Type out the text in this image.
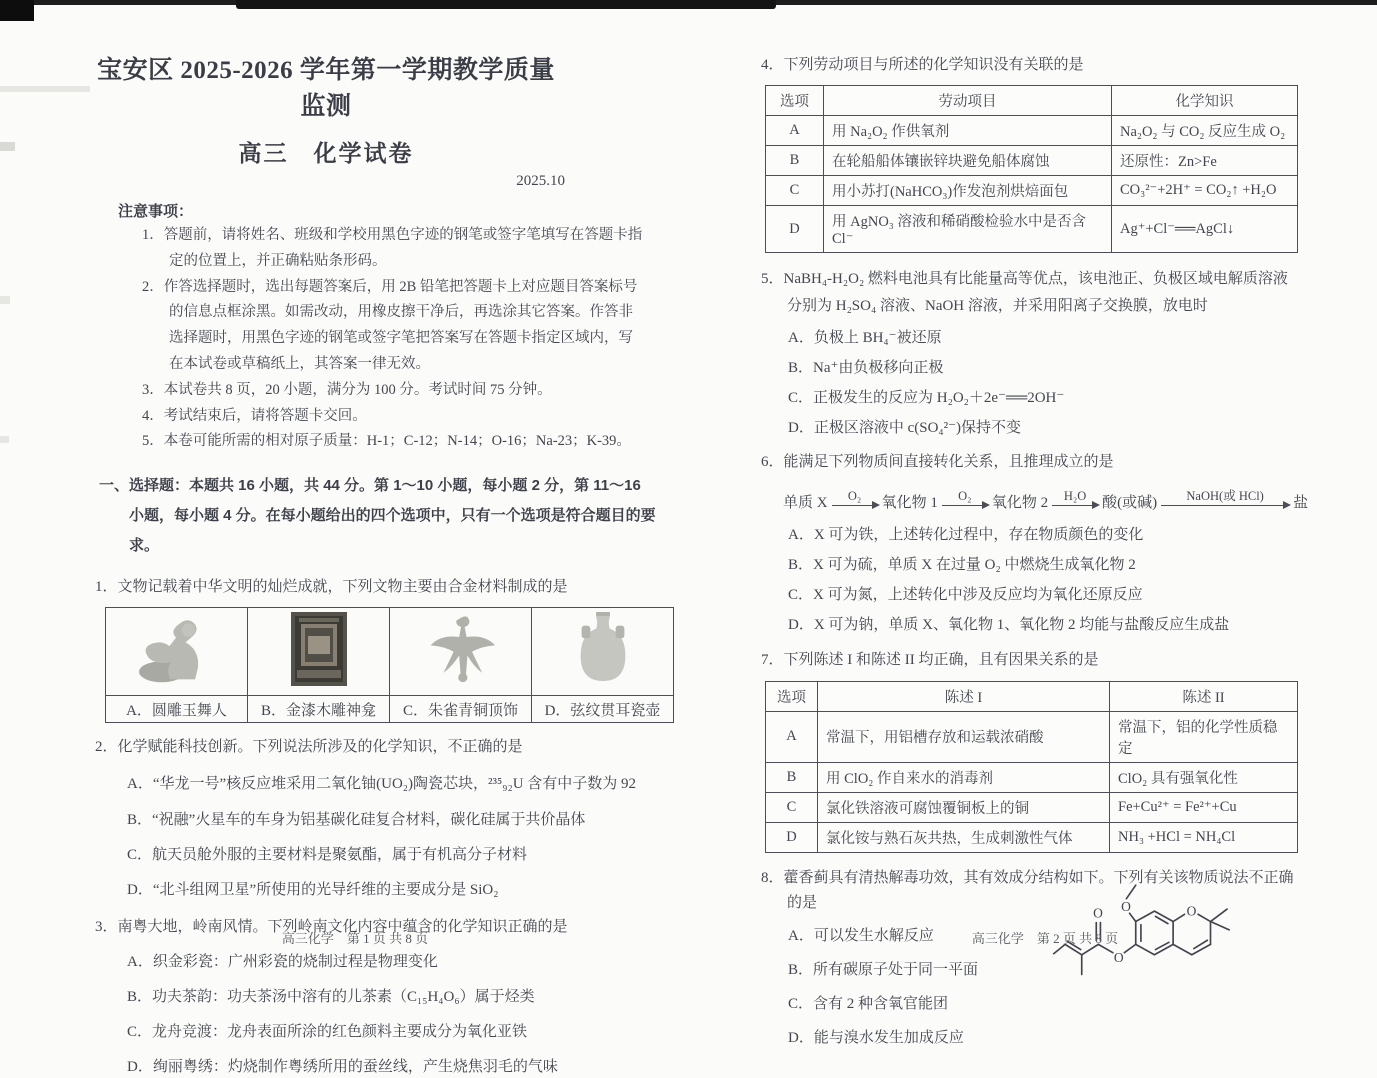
宝安区 2025-2026 学年第一学期教学质量监测
高三　化学试卷
2025.10
注意事项：
1．答题前，请将姓名、班级和学校用黑色字迹的钢笔或签字笔填写在答题卡指定的位置上，并正确粘贴条形码。
2．作答选择题时，选出每题答案后，用 2B 铅笔把答题卡上对应题目答案标号的信息点框涂黑。如需改动，用橡皮擦干净后，再选涂其它答案。作答非选择题时，用黑色字迹的钢笔或签字笔把答案写在答题卡指定区域内，写在本试卷或草稿纸上，其答案一律无效。
3．本试卷共 8 页，20 小题，满分为 100 分。考试时间 75 分钟。
4．考试结束后，请将答题卡交回。
5．本卷可能所需的相对原子质量：H-1；C-12；N-14；O-16；Na-23；K-39。
一、选择题：本题共 16 小题，共 44 分。第 1～10 小题，每小题 2 分，第 11～16 小题，每小题 4 分。在每小题给出的四个选项中，只有一个选项是符合题目的要求。
1．文物记载着中华文明的灿烂成就，下列文物主要由合金材料制成的是

A．圆雕玉舞人	B．金漆木雕神龛	C．朱雀青铜顶饰	D．弦纹贯耳瓷壶
2．化学赋能科技创新。下列说法所涉及的化学知识，不正确的是
A．“华龙一号”核反应堆采用二氧化铀(UO₂)陶瓷芯块，²³⁵₉₂U 含有中子数为 92
B．“祝融”火星车的车身为铝基碳化硅复合材料，碳化硅属于共价晶体
C．航天员舱外服的主要材料是聚氨酯，属于有机高分子材料
D．“北斗组网卫星”所使用的光导纤维的主要成分是 SiO₂
3．南粤大地，岭南风情。下列岭南文化内容中蕴含的化学知识正确的是
A．织金彩瓷：广州彩瓷的烧制过程是物理变化
B．功夫茶韵：功夫茶汤中溶有的儿茶素（C₁₅H₄O₆）属于烃类
C．龙舟竞渡：龙舟表面所涂的红色颜料主要成分为氧化亚铁
D．绚丽粤绣：灼烧制作粤绣所用的蚕丝线，产生烧焦羽毛的气味
4．下列劳动项目与所述的化学知识没有关联的是
选项	劳动项目	化学知识
A	用 Na₂O₂ 作供氧剂	Na₂O₂ 与 CO₂ 反应生成 O₂
B	在轮船船体镶嵌锌块避免船体腐蚀	还原性：Zn>Fe
C	用小苏打(NaHCO₃)作发泡剂烘焙面包	CO₃²⁻+2H⁺ = CO₂↑ +H₂O
D	用 AgNO₃ 溶液和稀硝酸检验水中是否含 Cl⁻	Ag⁺+Cl⁻══AgCl↓
5．NaBH₄-H₂O₂ 燃料电池具有比能量高等优点，该电池正、负极区域电解质溶液分别为 H₂SO₄ 溶液、NaOH 溶液，并采用阳离子交换膜，放电时
A．负极上 BH₄⁻被还原
B．Na⁺由负极移向正极
C．正极发生的反应为 H₂O₂＋2e⁻══2OH⁻
D．正极区溶液中 c(SO₄²⁻)保持不变
6．能满足下列物质间直接转化关系，且推理成立的是
单质 X O₂ 氧化物 1 O₂ 氧化物 2 H₂O 酸(或碱) NaOH(或 HCl) 盐
A．X 可为铁，上述转化过程中，存在物质颜色的变化
B．X 可为硫，单质 X 在过量 O₂ 中燃烧生成氧化物 2
C．X 可为氮，上述转化中涉及反应均为氧化还原反应
D．X 可为钠，单质 X、氧化物 1、氧化物 2 均能与盐酸反应生成盐
7．下列陈述 I 和陈述 II 均正确，且有因果关系的是
选项	陈述 I	陈述 II
A	常温下，用铝槽存放和运载浓硝酸	常温下，铝的化学性质稳定
B	用 ClO₂ 作自来水的消毒剂	ClO₂ 具有强氧化性
C	氯化铁溶液可腐蚀覆铜板上的铜	Fe+Cu²⁺ = Fe²⁺+Cu
D	氯化铵与熟石灰共热，生成刺激性气体	NH₃ +HCl = NH₄Cl
8．藿香蓟具有清热解毒功效，其有效成分结构如下。下列有关该物质说法不正确的是
A．可以发生水解反应
B．所有碳原子处于同一平面
C．含有 2 种含氧官能团
D．能与溴水发生加成反应
O
O
O
O
高三化学　第 1 页 共 8 页	高三化学　第 2 页 共 8 页
